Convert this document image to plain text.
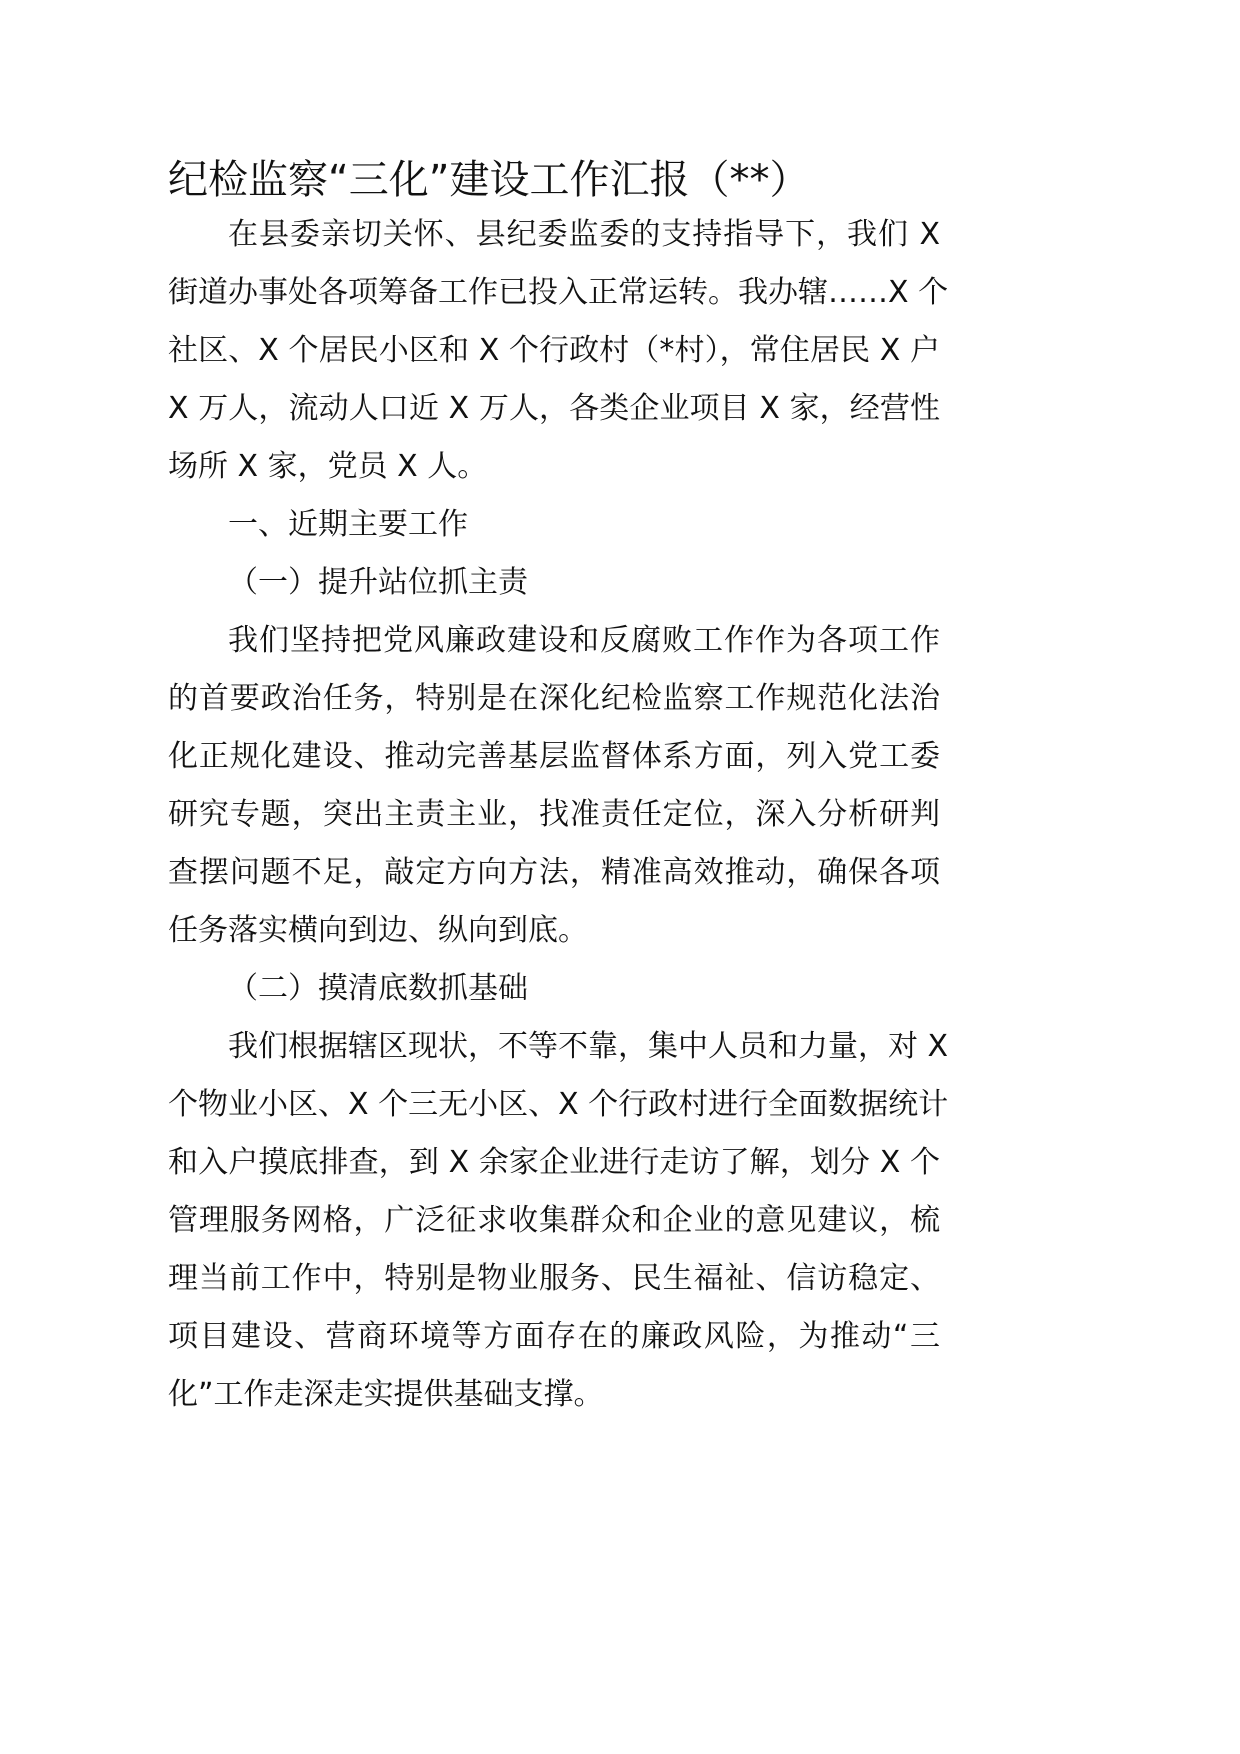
纪检监察“三化”建设工作汇报（**）
在县委亲切关怀、县纪委监委的支持指导下，我们 X
街道办事处各项筹备工作已投入正常运转。我办辖……X 个
社区、X 个居民小区和 X 个行政村（*村），常住居民 X 户
X 万人，流动人口近 X 万人，各类企业项目 X 家，经营性
场所 X 家，党员 X 人。
一、近期主要工作
（一）提升站位抓主责
我们坚持把党风廉政建设和反腐败工作作为各项工作
的首要政治任务，特别是在深化纪检监察工作规范化法治
化正规化建设、推动完善基层监督体系方面，列入党工委
研究专题，突出主责主业，找准责任定位，深入分析研判
查摆问题不足，敲定方向方法，精准高效推动，确保各项
任务落实横向到边、纵向到底。
（二）摸清底数抓基础
我们根据辖区现状，不等不靠，集中人员和力量，对 X
个物业小区、X 个三无小区、X 个行政村进行全面数据统计
和入户摸底排查，到 X 余家企业进行走访了解，划分 X 个
管理服务网格，广泛征求收集群众和企业的意见建议，梳
理当前工作中，特别是物业服务、民生福祉、信访稳定、
项目建设、营商环境等方面存在的廉政风险，为推动“三
化”工作走深走实提供基础支撑。
